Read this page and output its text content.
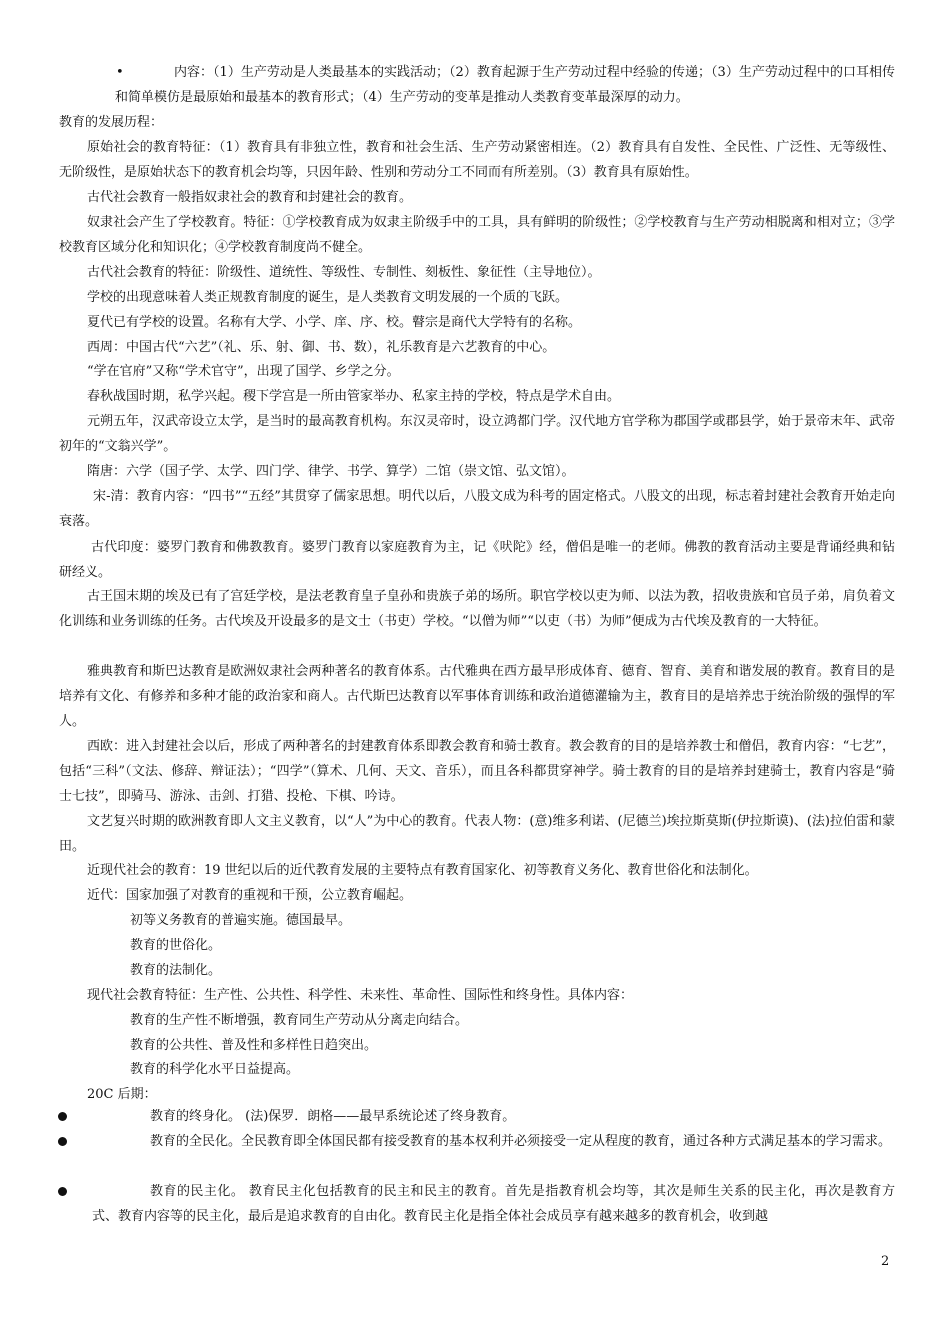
•	内容：（1）生产劳动是人类最基本的实践活动；（2）教育起源于生产劳动过程中经验的传递；（3）生产劳动过程中的口耳相传和简单模仿是最原始和最基本的教育形式；（4）生产劳动的变革是推动人类教育变革最深厚的动力。

教育的发展历程：

原始社会的教育特征：（1）教育具有非独立性，教育和社会生活、生产劳动紧密相连。（2）教育具有自发性、全民性、广泛性、无等级性、无阶级性，是原始状态下的教育机会均等，只因年龄、性别和劳动分工不同而有所差别。（3）教育具有原始性。

古代社会教育一般指奴隶社会的教育和封建社会的教育。

奴隶社会产生了学校教育。特征：①学校教育成为奴隶主阶级手中的工具，具有鲜明的阶级性；②学校教育与生产劳动相脱离和相对立；③学校教育区域分化和知识化；④学校教育制度尚不健全。

古代社会教育的特征：阶级性、道统性、等级性、专制性、刻板性、象征性（主导地位）。

学校的出现意味着人类正规教育制度的诞生，是人类教育文明发展的一个质的飞跃。

夏代已有学校的设置。名称有大学、小学、庠、序、校。瞽宗是商代大学特有的名称。

西周：中国古代“六艺”（礼、乐、射、御、书、数），礼乐教育是六艺教育的中心。

“学在官府”又称“学术官守”，出现了国学、乡学之分。

春秋战国时期，私学兴起。稷下学宫是一所由管家举办、私家主持的学校，特点是学术自由。

元朔五年，汉武帝设立太学，是当时的最高教育机构。东汉灵帝时，设立鸿都门学。汉代地方官学称为郡国学或郡县学，始于景帝末年、武帝初年的“文翁兴学”。

隋唐：六学（国子学、太学、四门学、律学、书学、算学）二馆（崇文馆、弘文馆）。

宋-清：教育内容：“四书”“五经”其贯穿了儒家思想。明代以后，八股文成为科考的固定格式。八股文的出现，标志着封建社会教育开始走向衰落。

古代印度：婆罗门教育和佛教教育。婆罗门教育以家庭教育为主，记《吠陀》经，僧侣是唯一的老师。佛教的教育活动主要是背诵经典和钻研经义。

古王国末期的埃及已有了宫廷学校，是法老教育皇子皇孙和贵族子弟的场所。职官学校以吏为师、以法为教，招收贵族和官员子弟，肩负着文化训练和业务训练的任务。古代埃及开设最多的是文士（书吏）学校。“以僧为师”“以吏（书）为师”便成为古代埃及教育的一大特征。

雅典教育和斯巴达教育是欧洲奴隶社会两种著名的教育体系。古代雅典在西方最早形成体育、德育、智育、美育和谐发展的教育。教育目的是培养有文化、有修养和多种才能的政治家和商人。古代斯巴达教育以军事体育训练和政治道德灌输为主，教育目的是培养忠于统治阶级的强悍的军人。

西欧：进入封建社会以后，形成了两种著名的封建教育体系即教会教育和骑士教育。教会教育的目的是培养教士和僧侣，教育内容：“七艺”，包括“三科”（文法、修辞、辩证法）；“四学”（算术、几何、天文、音乐），而且各科都贯穿神学。骑士教育的目的是培养封建骑士，教育内容是“骑士七技”，即骑马、游泳、击剑、打猎、投枪、下棋、吟诗。

文艺复兴时期的欧洲教育即人文主义教育，以“人”为中心的教育。代表人物：(意)维多利诺、(尼德兰)埃拉斯莫斯(伊拉斯谟)、(法)拉伯雷和蒙田。

近现代社会的教育：19 世纪以后的近代教育发展的主要特点有教育国家化、初等教育义务化、教育世俗化和法制化。

近代：国家加强了对教育的重视和干预，公立教育崛起。

初等义务教育的普遍实施。德国最早。

教育的世俗化。

教育的法制化。

现代社会教育特征：生产性、公共性、科学性、未来性、革命性、国际性和终身性。具体内容：

教育的生产性不断增强，教育同生产劳动从分离走向结合。

教育的公共性、普及性和多样性日趋突出。

教育的科学化水平日益提高。

20C 后期：

教育的终身化。 (法)保罗．朗格——最早系统论述了终身教育。

教育的全民化。全民教育即全体国民都有接受教育的基本权利并必须接受一定从程度的教育，通过各种方式满足基本的学习需求。

教育的民主化。 教育民主化包括教育的民主和民主的教育。首先是指教育机会均等，其次是师生关系的民主化，再次是教育方式、教育内容等的民主化，最后是追求教育的自由化。教育民主化是指全体社会成员享有越来越多的教育机会，收到越

2
